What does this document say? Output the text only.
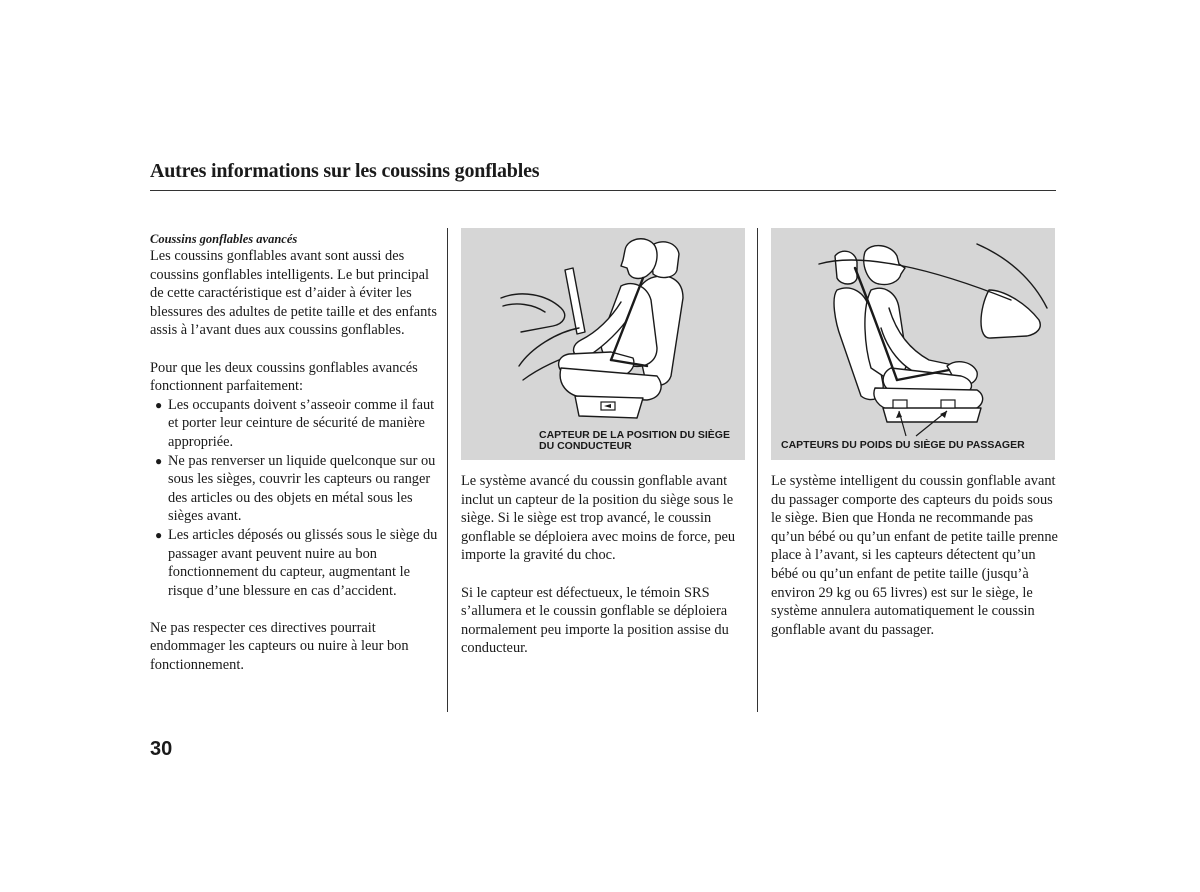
Autres informations sur les coussins gonflables

Coussins gonflables avancés

Les coussins gonflables avant sont aussi des coussins gonflables intelligents. Le but principal de cette caractéristique est d’aider à éviter les blessures des adultes de petite taille et des enfants assis à l’avant dues aux coussins gonflables.

Pour que les deux coussins gonflables avancés fonctionnent parfaitement:

● Les occupants doivent s’asseoir comme il faut et porter leur ceinture de sécurité de manière appropriée.
● Ne pas renverser un liquide quelconque sur ou sous les sièges, couvrir les capteurs ou ranger des articles ou des objets en métal sous les sièges avant.
● Les articles déposés ou glissés sous le siège du passager avant peuvent nuire au bon fonctionnement du capteur, augmentant le risque d’une blessure en cas d’accident.

Ne pas respecter ces directives pourrait endommager les capteurs ou nuire à leur bon fonctionnement.

CAPTEUR DE LA POSITION DU SIÈGE
DU CONDUCTEUR	CAPTEURS DU POIDS DU SIÈGE DU PASSAGER

Le système avancé du coussin gonflable avant inclut un capteur de la position du siège sous le siège. Si le siège est trop avancé, le coussin gonflable se déploiera avec moins de force, peu importe la gravité du choc.

Si le capteur est défectueux, le témoin SRS s’allumera et le coussin gonflable se déploiera normalement peu importe la position assise du conducteur.

Le système intelligent du coussin gonflable avant du passager comporte des capteurs du poids sous le siège. Bien que Honda ne recommande pas qu’un bébé ou qu’un enfant de petite taille prenne place à l’avant, si les capteurs détectent qu’un bébé ou qu’un enfant de petite taille (jusqu’à environ 29 kg ou 65 livres) est sur le siège, le système annulera automatiquement le coussin gonflable avant du passager.

30
